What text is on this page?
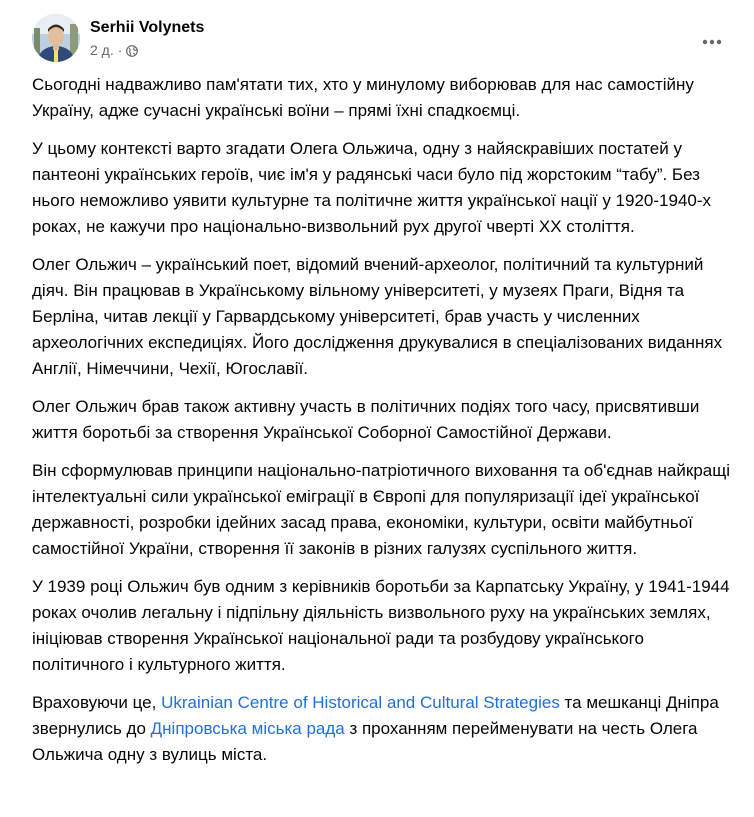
Serhii Volynets
2 д. ·

Сьогодні надважливо пам'ятати тих, хто у минулому виборював для нас самостійну Україну, адже сучасні українські воїни – прямі їхні спадкоємці.

У цьому контексті варто згадати Олега Ольжича, одну з найяскравіших постатей у пантеоні українських героїв, чиє ім'я у радянські часи було під жорстоким “табу”. Без нього неможливо уявити культурне та політичне життя української нації у 1920-1940-х роках, не кажучи про національно-визвольний рух другої чверті ХХ століття.

Олег Ольжич – український поет, відомий вчений-археолог, політичний та культурний діяч. Він працював в Українському вільному університеті, у музеях Праги, Відня та Берліна, читав лекції у Гарвардському університеті, брав участь у численних археологічних експедиціях. Його дослідження друкувалися в спеціалізованих виданнях Англії, Німеччини, Чехії, Югославії.

Олег Ольжич брав також активну участь в політичних подіях того часу, присвятивши життя боротьбі за створення Української Соборної Самостійної Держави.

Він сформулював принципи національно-патріотичного виховання та об'єднав найкращі інтелектуальні сили української еміграції в Європі для популяризації ідеї української державності, розробки ідейних засад права, економіки, культури, освіти майбутньої самостійної України, створення її законів в різних галузях суспільного життя.

У 1939 році Ольжич був одним з керівників боротьби за Карпатську Україну, у 1941-1944 роках очолив легальну і підпільну діяльність визвольного руху на українських землях, ініціював створення Української національної ради та розбудову українського політичного і культурного життя.

Враховуючи це, Ukrainian Centre of Historical and Cultural Strategies та мешканці Дніпра звернулись до Дніпровська міська рада з проханням перейменувати на честь Олега Ольжича одну з вулиць міста.
